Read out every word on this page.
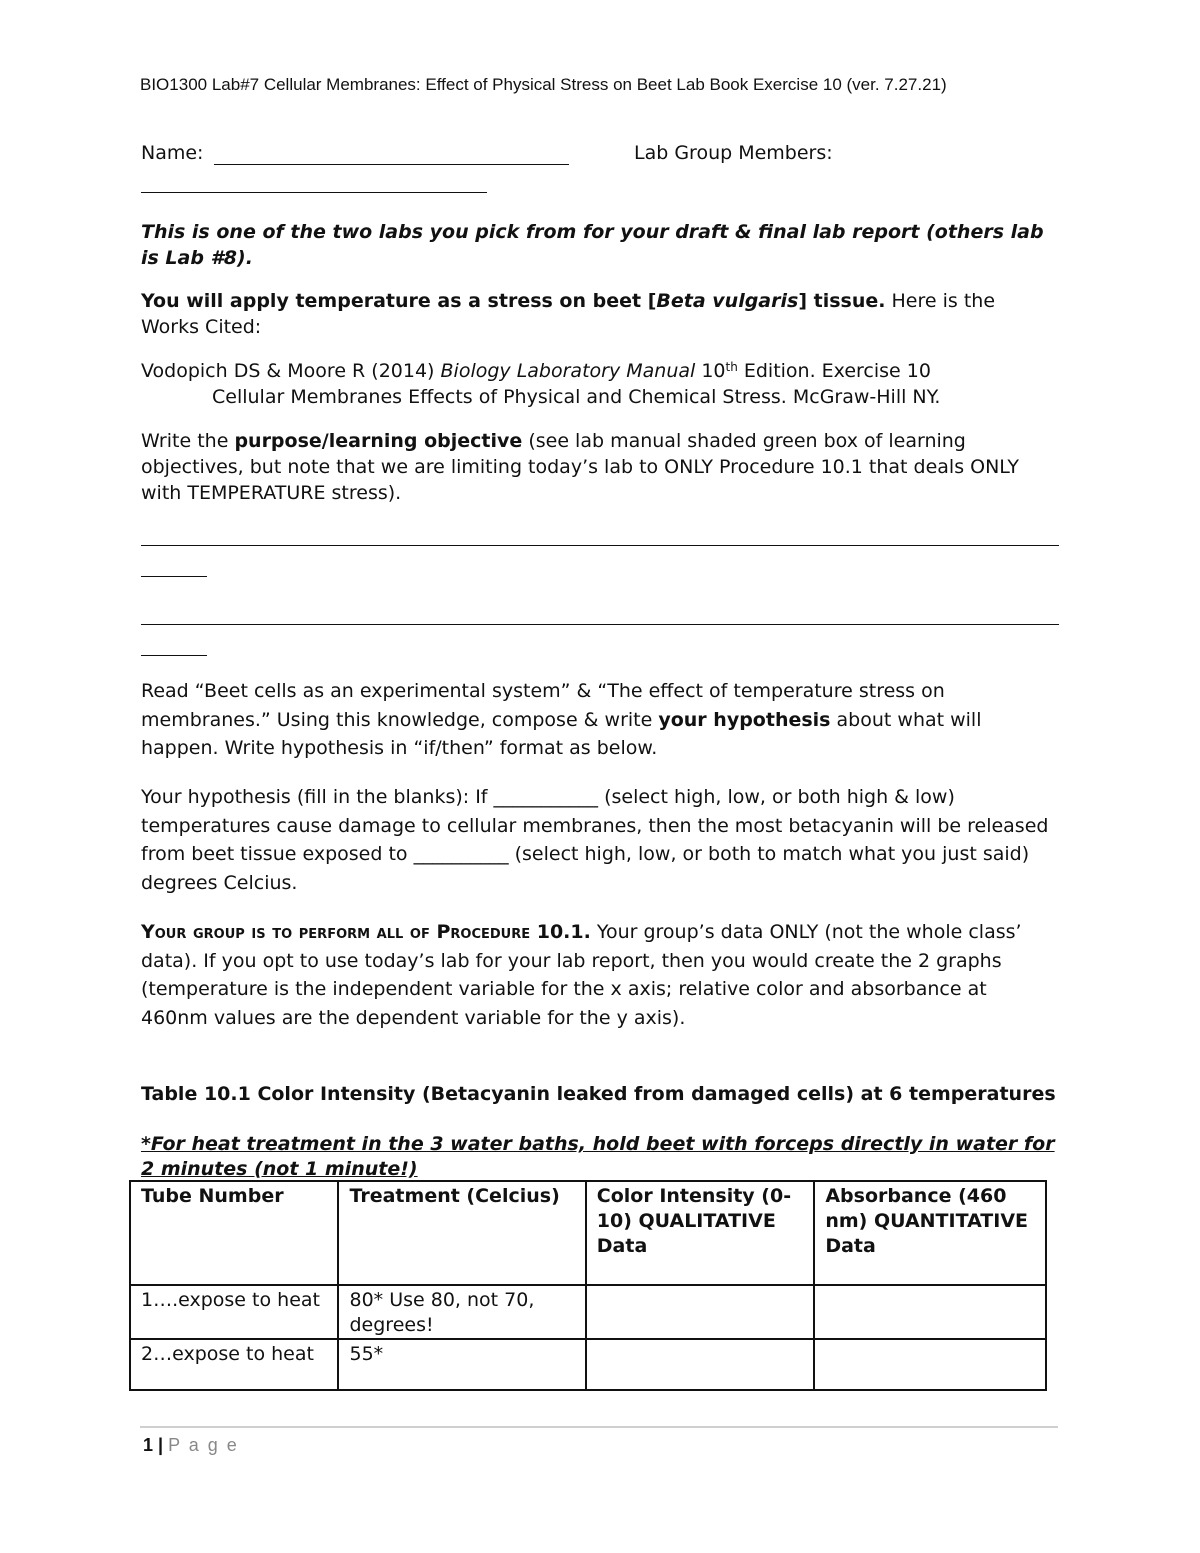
BIO1300 Lab#7 Cellular Membranes: Effect of Physical Stress on Beet Lab Book Exercise 10 (ver. 7.27.21)
Name:	Lab Group Members:
This is one of the two labs you pick from for your draft & final lab report (others lab is Lab #8).
You will apply temperature as a stress on beet [Beta vulgaris] tissue. Here is the Works Cited:
Vodopich DS & Moore R (2014) Biology Laboratory Manual 10th Edition. Exercise 10
Cellular Membranes Effects of Physical and Chemical Stress. McGraw-Hill NY.
Write the purpose/learning objective (see lab manual shaded green box of learning objectives, but note that we are limiting today’s lab to ONLY Procedure 10.1 that deals ONLY with TEMPERATURE stress).
Read “Beet cells as an experimental system” & “The effect of temperature stress on membranes.” Using this knowledge, compose & write your hypothesis about what will happen. Write hypothesis in “if/then” format as below.
Your hypothesis (fill in the blanks): If ___________ (select high, low, or both high & low) temperatures cause damage to cellular membranes, then the most betacyanin will be released from beet tissue exposed to __________ (select high, low, or both to match what you just said) degrees Celcius.
Your group is to perform all of Procedure 10.1. Your group’s data ONLY (not the whole class’ data). If you opt to use today’s lab for your lab report, then you would create the 2 graphs (temperature is the independent variable for the x axis; relative color and absorbance at 460nm values are the dependent variable for the y axis).
Table 10.1 Color Intensity (Betacyanin leaked from damaged cells) at 6 temperatures
*For heat treatment in the 3 water baths, hold beet with forceps directly in water for 2 minutes (not 1 minute!)
Tube Number	Treatment (Celcius)	Color Intensity (0-10) QUALITATIVE Data	Absorbance (460 nm) QUANTITATIVE Data
1….expose to heat	80* Use 80, not 70, degrees!		
2…expose to heat	55*		
1 | P a g e
